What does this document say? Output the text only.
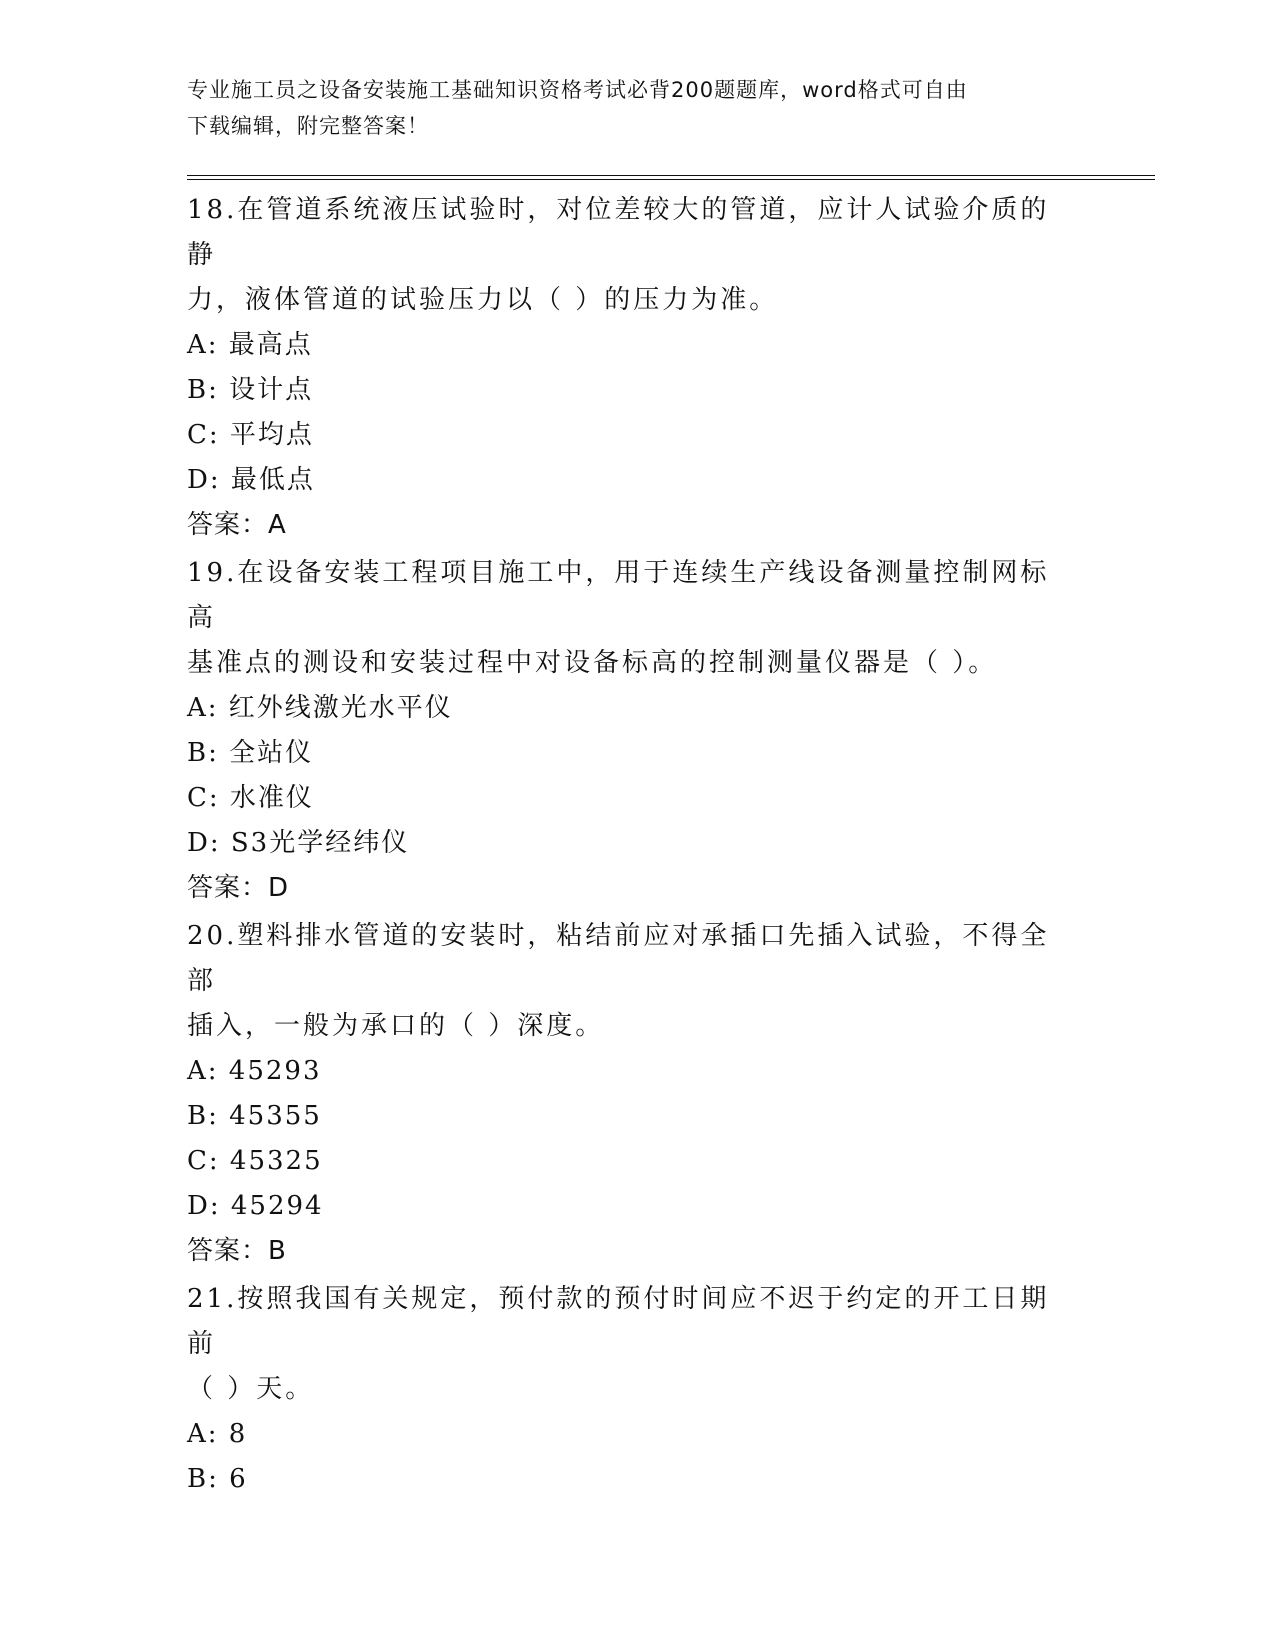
专业施工员之设备安装施工基础知识资格考试必背200题题库，word格式可自由
下载编辑，附完整答案！
18.在管道系统液压试验时，对位差较大的管道，应计人试验介质的静
力，液体管道的试验压力以（ ）的压力为准。
A: 最高点
B: 设计点
C: 平均点
D: 最低点
答案：A
19.在设备安装工程项目施工中，用于连续生产线设备测量控制网标高
基准点的测设和安装过程中对设备标高的控制测量仪器是（ ）。
A: 红外线激光水平仪
B: 全站仪
C: 水准仪
D: S3光学经纬仪
答案：D
20.塑料排水管道的安装时，粘结前应对承插口先插入试验，不得全部
插入，一般为承口的（ ）深度。
A: 45293
B: 45355
C: 45325
D: 45294
答案：B
21.按照我国有关规定，预付款的预付时间应不迟于约定的开工日期前
（ ）天。
A: 8
B: 6
